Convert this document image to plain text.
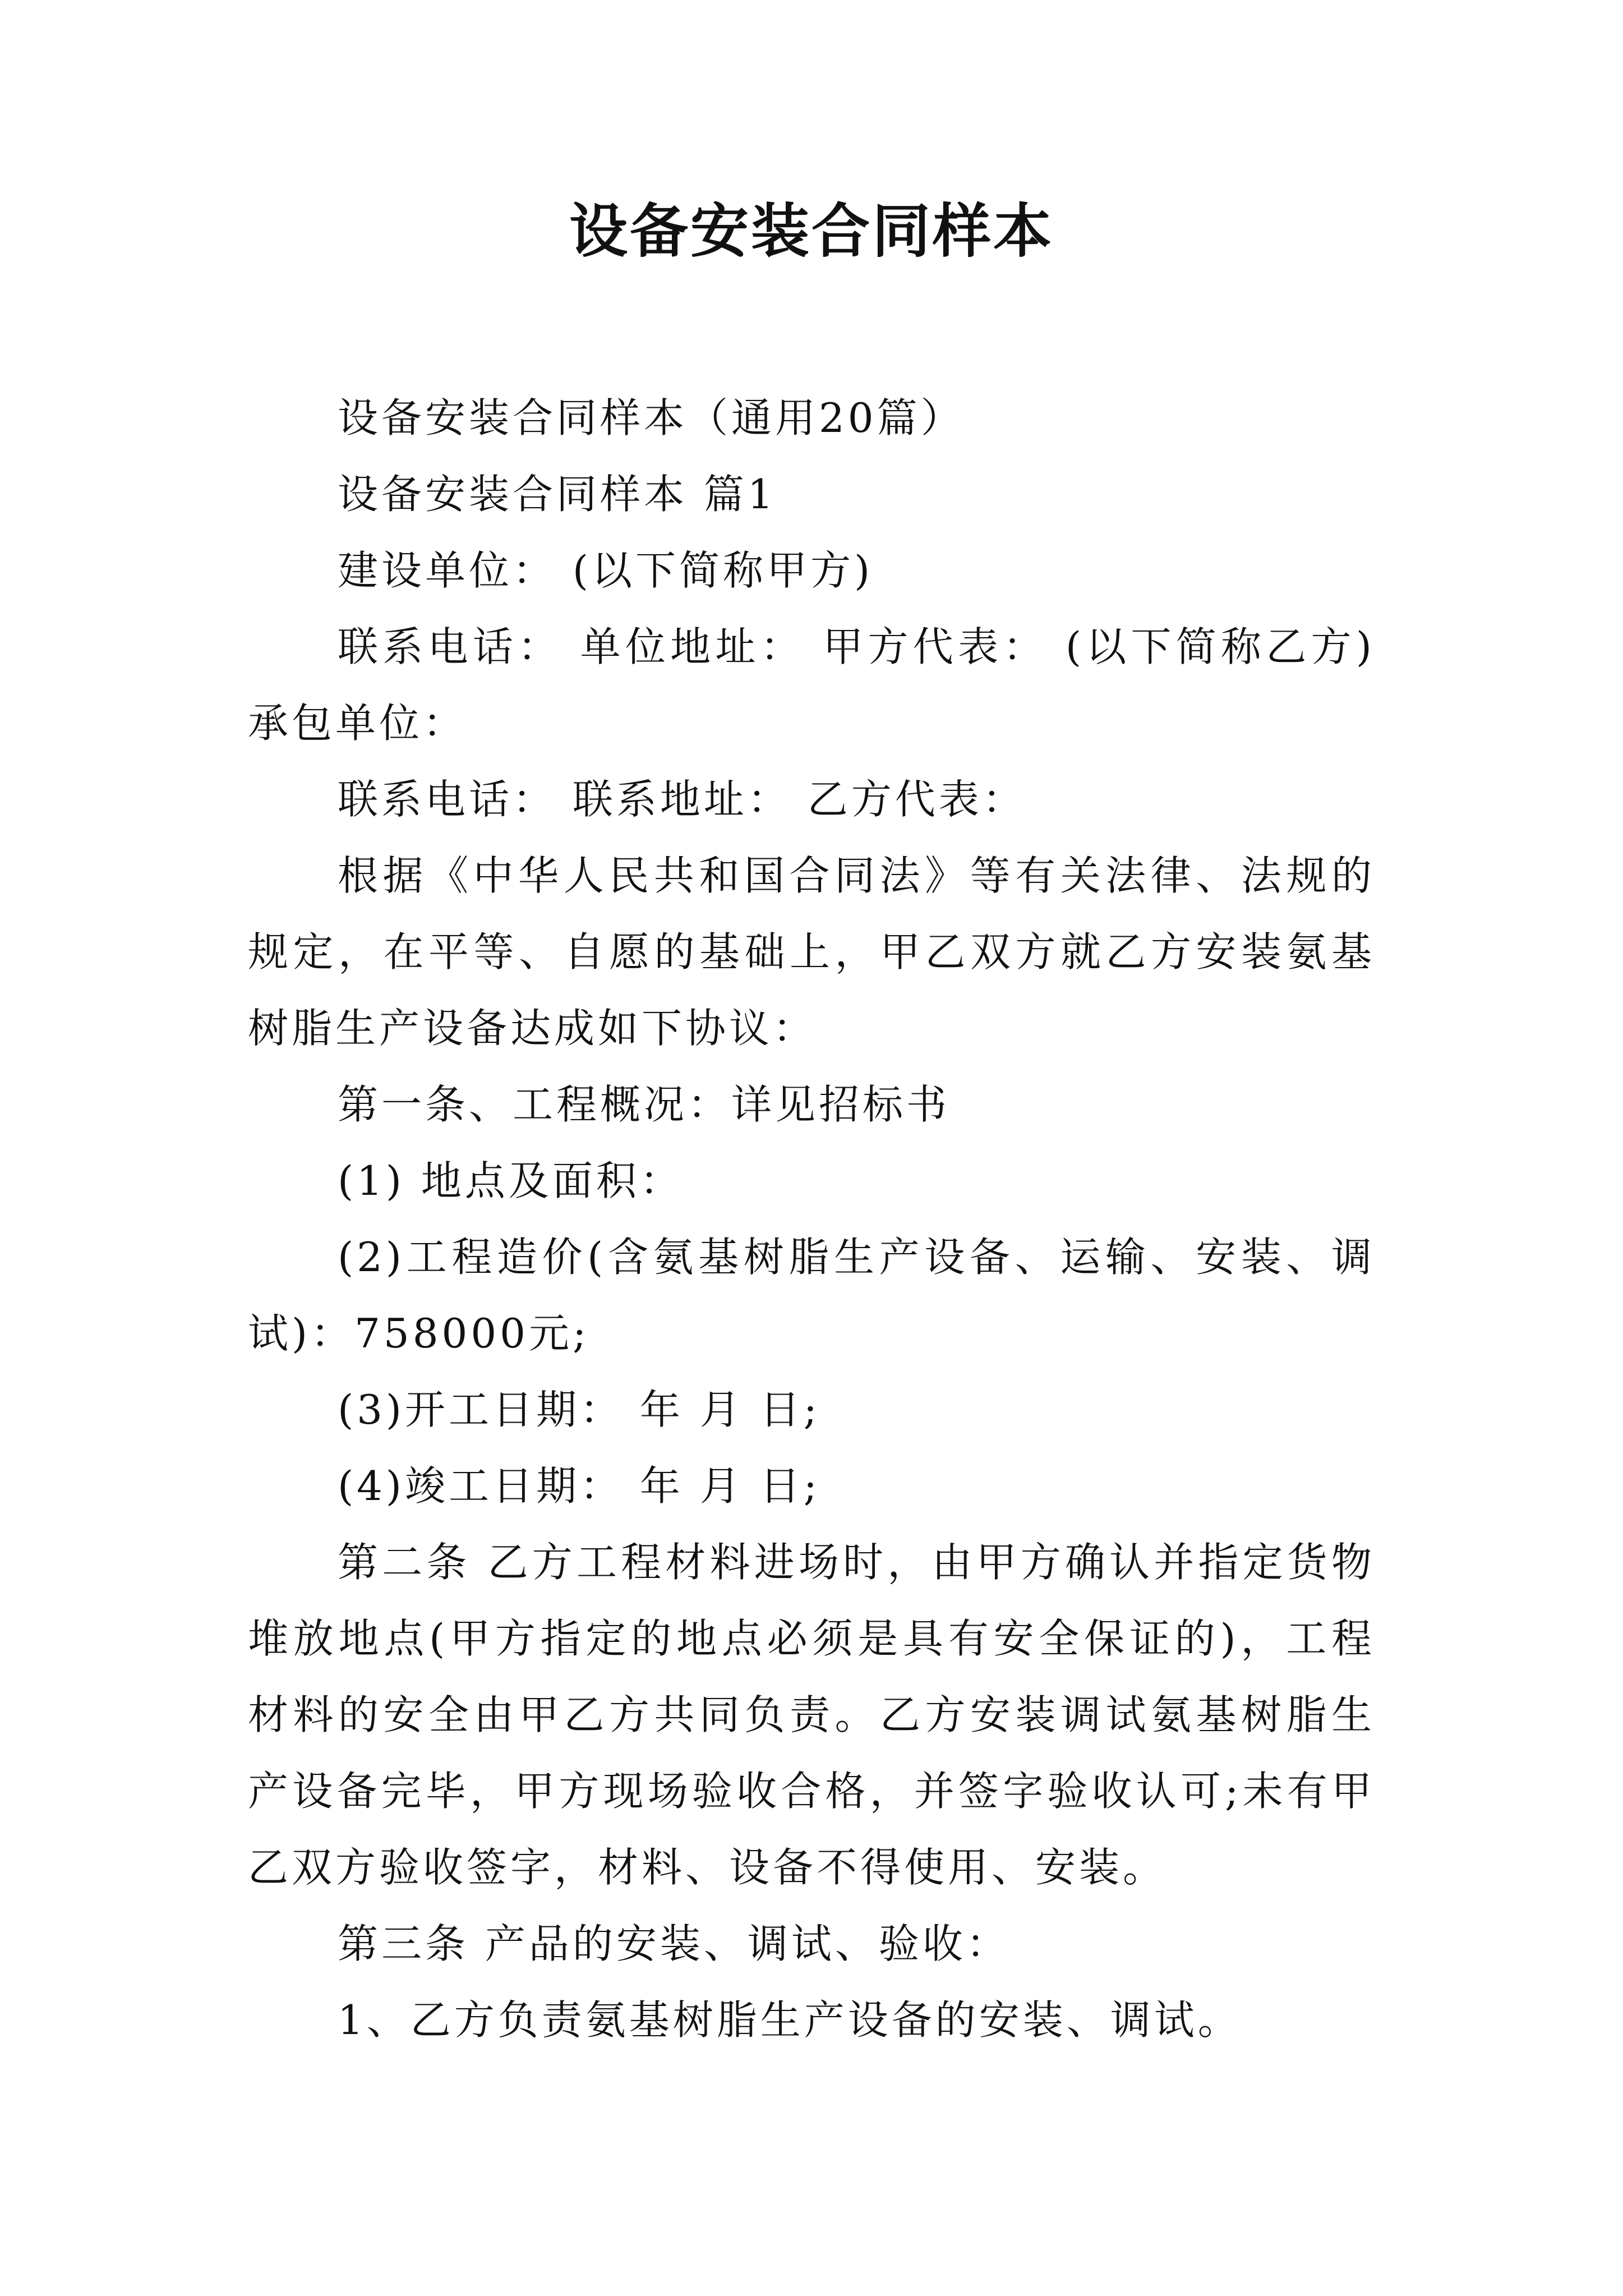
设备安装合同样本

设备安装合同样本（通用20篇）

设备安装合同样本 篇1

建设单位： (以下简称甲方)

联系电话： 单位地址： 甲方代表： (以下简称乙方) 承包单位：

联系电话： 联系地址： 乙方代表：

根据《中华人民共和国合同法》等有关法律、法规的规定，在平等、自愿的基础上，甲乙双方就乙方安装氨基树脂生产设备达成如下协议：

第一条、工程概况：详见招标书

(1) 地点及面积：

(2)工程造价(含氨基树脂生产设备、运输、安装、调试)：758000元;

(3)开工日期： 年 月 日;

(4)竣工日期： 年 月 日;

第二条 乙方工程材料进场时，由甲方确认并指定货物堆放地点(甲方指定的地点必须是具有安全保证的)，工程材料的安全由甲乙方共同负责。乙方安装调试氨基树脂生产设备完毕，甲方现场验收合格，并签字验收认可;未有甲乙双方验收签字，材料、设备不得使用、安装。

第三条 产品的安装、调试、验收：

1、乙方负责氨基树脂生产设备的安装、调试。
